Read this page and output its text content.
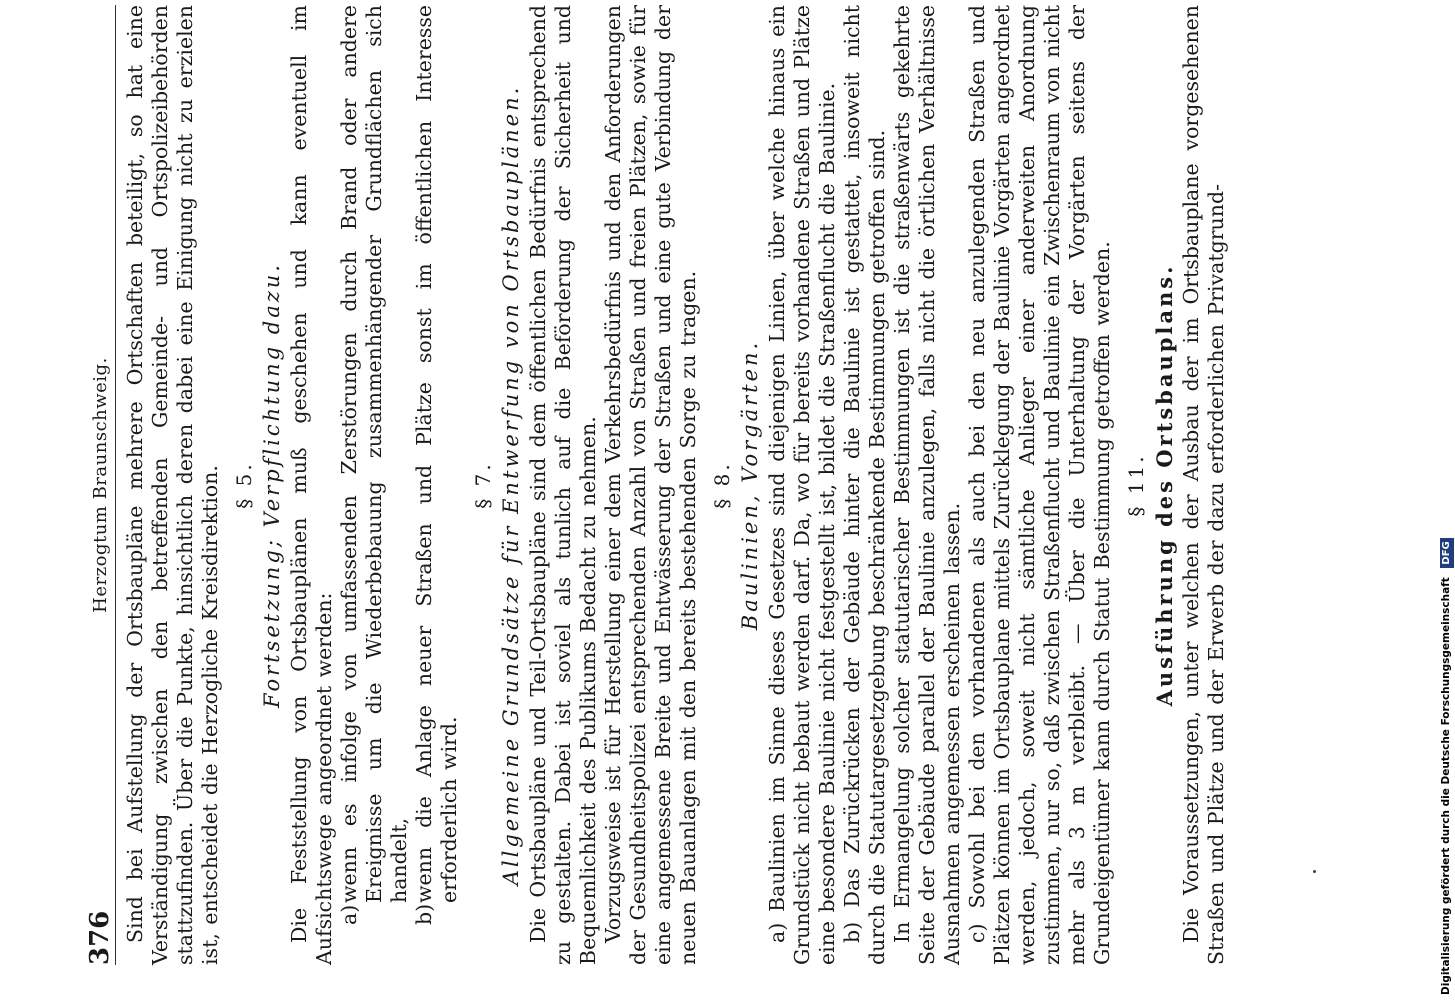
376
Herzogtum Braunschweig. Sind bei Aufstellung der Ortsbaupläne mehrere Ortschaften beteiligt, so hat eine Verständigung zwischen den betreffenden Gemeinde- und Ortspolizeibehörden stattzufinden. Über die Punkte, hinsichtlich deren dabei eine Einigung nicht zu erzielen ist, entscheidet die Herzogliche Kreisdirektion. § 5. Fortsetzung; Verpflichtung dazu. Die Feststellung von Ortsbauplänen muß geschehen und kann eventuell im Aufsichtswege angeordnet werden: a)wenn es infolge von umfassenden Zerstörungen durch Brand oder andere Ereignisse um die Wiederbebauung zusammenhängender Grundflächen sich handelt,

b)wenn die Anlage neuer Straßen und Plätze sonst im öffentlichen Interesse erforderlich wird.

§ 7. Allgemeine Grundsätze für Entwerfung von Ortsbauplänen. Die Ortsbaupläne und Teil-Ortsbaupläne sind dem öffentlichen Bedürfnis entsprechend zu gestalten. Dabei ist soviel als tunlich auf die Beförderung der Sicherheit und Bequemlichkeit des Publikums Bedacht zu nehmen. Vorzugsweise ist für Herstellung einer dem Verkehrsbedürfnis und den Anforderungen der Gesundheitspolizei entsprechenden Anzahl von Straßen und freien Plätzen, sowie für eine angemessene Breite und Entwässerung der Straßen und eine gute Verbindung der neuen Bauanlagen mit den bereits bestehenden Sorge zu tragen. § 8. Baulinien, Vorgärten. a) Baulinien im Sinne dieses Gesetzes sind diejenigen Linien, über welche hinaus ein Grundstück nicht bebaut werden darf. Da, wo für bereits vorhandene Straßen und Plätze eine besondere Baulinie nicht festgestellt ist, bildet die Straßenflucht die Baulinie. b) Das Zurückrücken der Gebäude hinter die Baulinie ist gestattet, insoweit nicht durch die Statutargesetzgebung beschränkende Bestimmungen getroffen sind. In Ermangelung solcher statutarischer Bestimmungen ist die straßenwärts gekehrte Seite der Gebäude parallel der Baulinie anzulegen, falls nicht die örtlichen Verhältnisse Ausnahmen angemessen erscheinen lassen. c) Sowohl bei den vorhandenen als auch bei den neu anzulegenden Straßen und Plätzen können im Ortsbauplane mittels Zurücklegung der Baulinie Vorgärten angeordnet werden, jedoch, soweit nicht sämtliche Anlieger einer anderweiten Anordnung zustimmen, nur so, daß zwischen Straßenflucht und Baulinie ein Zwischenraum von nicht mehr als 3 m verbleibt. — Über die Unterhaltung der Vorgärten seitens der Grundeigentümer kann durch Statut Bestimmung getroffen werden. § 11. Ausführung des Ortsbauplans. Die Voraussetzungen, unter welchen der Ausbau der im Ortsbauplane vorgesehenen Straßen und Plätze und der Erwerb der dazu erforderlichen Privatgrund-	Digitalisierung gefördert durch die Deutsche Forschungsgemeinschaft DFG
